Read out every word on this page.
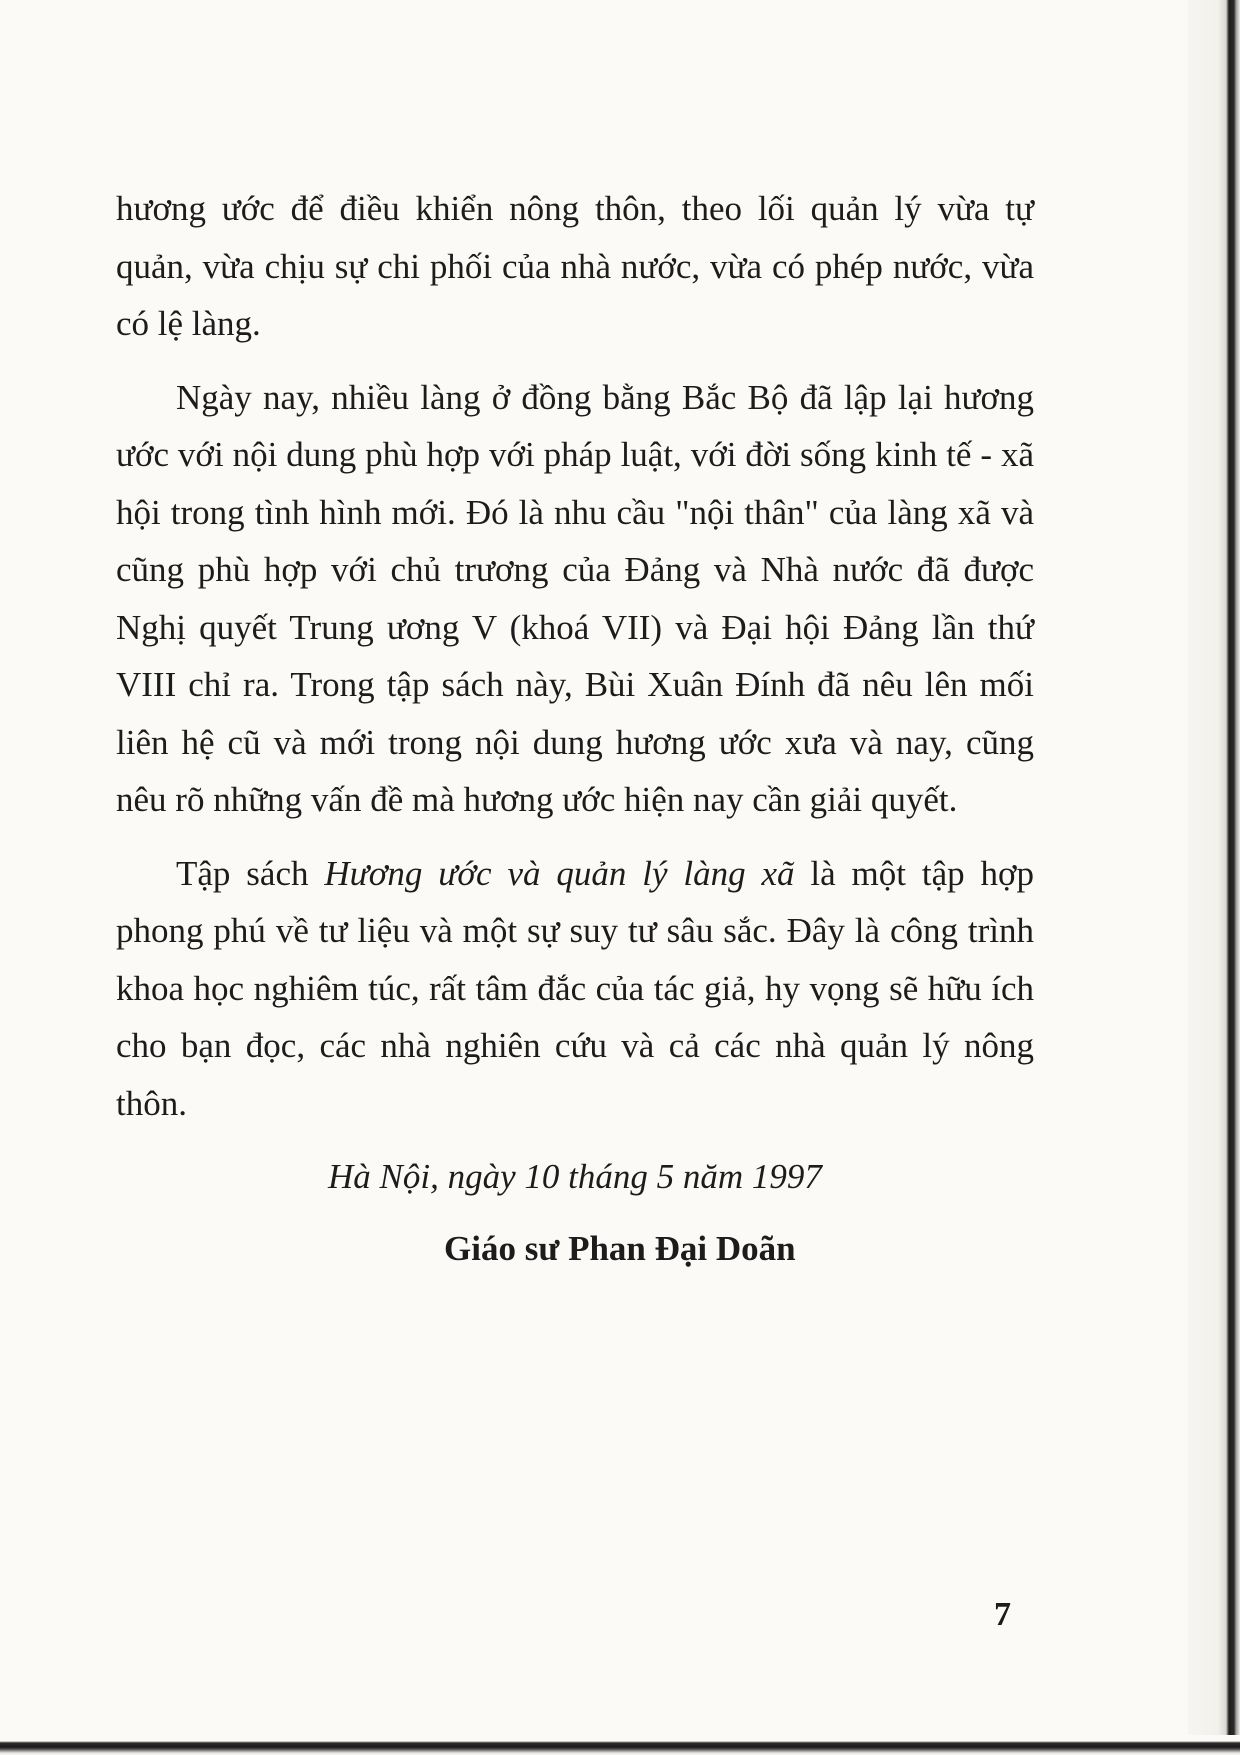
hương ước để điều khiển nông thôn, theo lối quản lý vừa tự quản, vừa chịu sự chi phối của nhà nước, vừa có phép nước, vừa có lệ làng.

Ngày nay, nhiều làng ở đồng bằng Bắc Bộ đã lập lại hương ước với nội dung phù hợp với pháp luật, với đời sống kinh tế - xã hội trong tình hình mới. Đó là nhu cầu "nội thân" của làng xã và cũng phù hợp với chủ trương của Đảng và Nhà nước đã được Nghị quyết Trung ương V (khoá VII) và Đại hội Đảng lần thứ VIII chỉ ra. Trong tập sách này, Bùi Xuân Đính đã nêu lên mối liên hệ cũ và mới trong nội dung hương ước xưa và nay, cũng nêu rõ những vấn đề mà hương ước hiện nay cần giải quyết.

Tập sách Hương ước và quản lý làng xã là một tập hợp phong phú về tư liệu và một sự suy tư sâu sắc. Đây là công trình khoa học nghiêm túc, rất tâm đắc của tác giả, hy vọng sẽ hữu ích cho bạn đọc, các nhà nghiên cứu và cả các nhà quản lý nông thôn.

Hà Nội, ngày 10 tháng 5 năm 1997

Giáo sư Phan Đại Doãn

7
